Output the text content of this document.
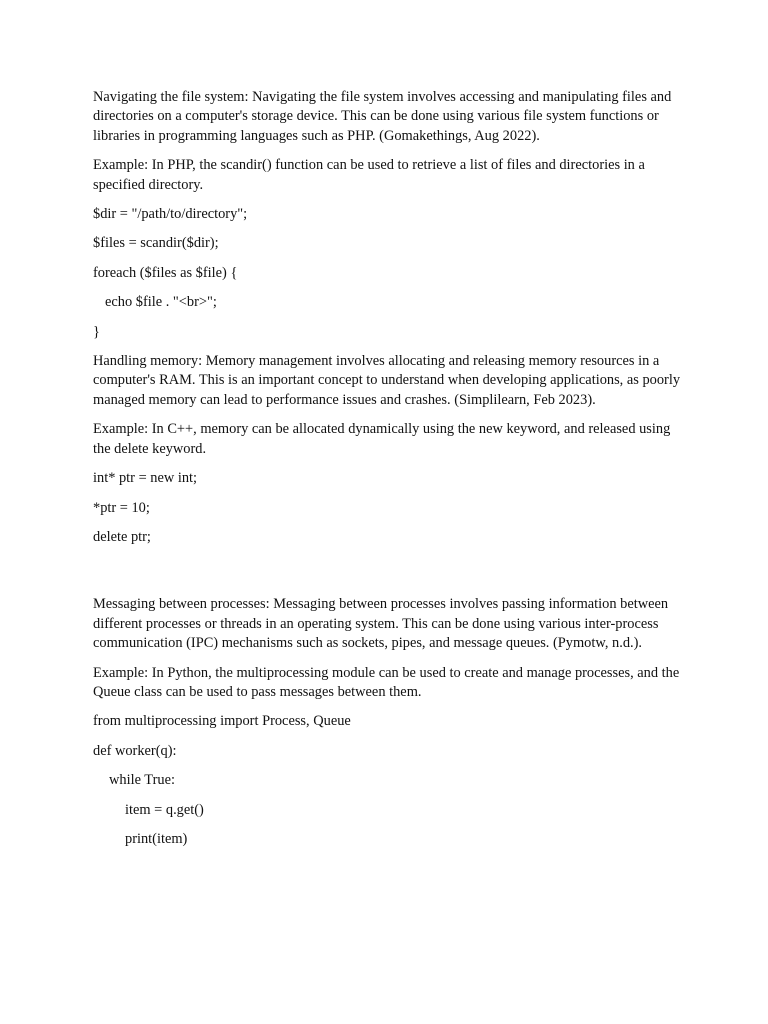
Navigating the file system: Navigating the file system involves accessing and manipulating files and directories on a computer's storage device. This can be done using various file system functions or libraries in programming languages such as PHP. (Gomakethings, Aug 2022).

Example: In PHP, the scandir() function can be used to retrieve a list of files and directories in a specified directory.

$dir = "/path/to/directory";

$files = scandir($dir);

foreach ($files as $file) {

echo $file . "<br>";

}

Handling memory: Memory management involves allocating and releasing memory resources in a computer's RAM. This is an important concept to understand when developing applications, as poorly managed memory can lead to performance issues and crashes. (Simplilearn, Feb 2023).

Example: In C++, memory can be allocated dynamically using the new keyword, and released using the delete keyword.

int* ptr = new int;

*ptr = 10;

delete ptr;

Messaging between processes: Messaging between processes involves passing information between different processes or threads in an operating system. This can be done using various inter-process communication (IPC) mechanisms such as sockets, pipes, and message queues. (Pymotw, n.d.).

Example: In Python, the multiprocessing module can be used to create and manage processes, and the Queue class can be used to pass messages between them.

from multiprocessing import Process, Queue

def worker(q):

while True:

item = q.get()

print(item)
